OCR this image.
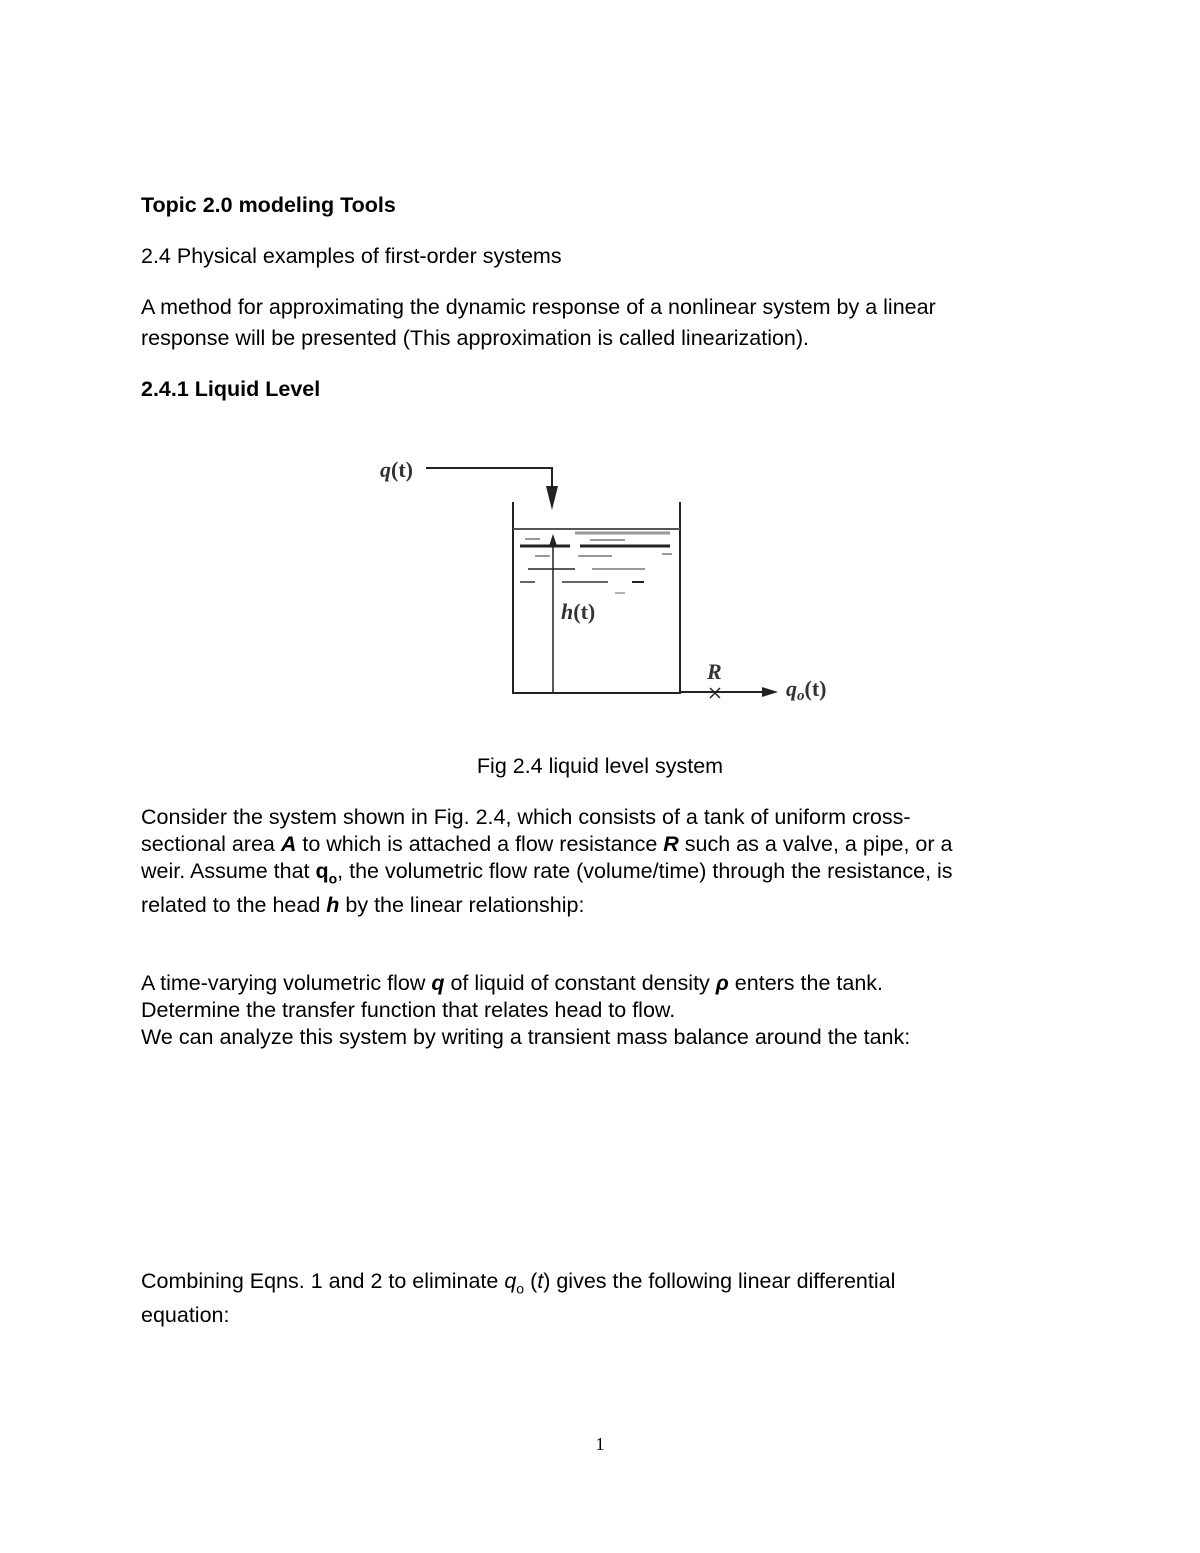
Topic 2.0 modeling Tools

2.4 Physical examples of first-order systems

A method for approximating the dynamic response of a nonlinear system by a linear

response will be presented (This approximation is called linearization).

2.4.1 Liquid Level

q(t)
h(t)
R
qo(t)
Fig 2.4 liquid level system
Consider the system shown in Fig. 2.4, which consists of a tank of uniform cross-
sectional area A to which is attached a flow resistance R such as a valve, a pipe, or a
weir. Assume that $q_o$, the volumetric flow rate (volume/time) through the resistance, is
related to the head h by the linear relationship:
A time-varying volumetric flow q of liquid of constant density ρ enters the tank.
Determine the transfer function that relates head to flow.
We can analyze this system by writing a transient mass balance around the tank:
Combining Eqns. 1 and 2 to eliminate $q_o$ (t) gives the following linear differential
equation:
1
